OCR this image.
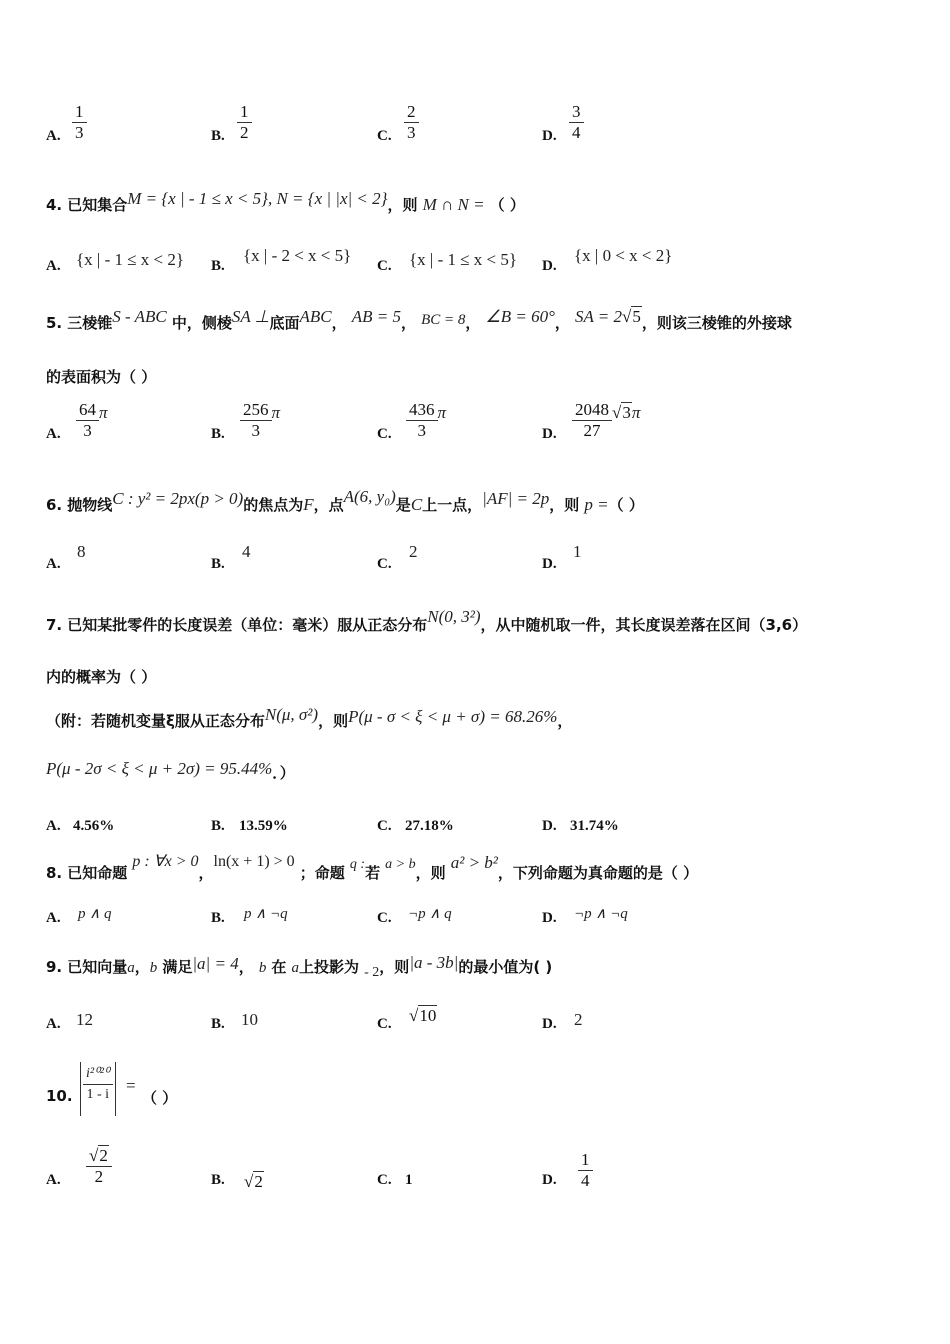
A.
1
3	B.
1
2	C.
2
3	D.
3
4
4. 已知集合M = {x | - 1 ≤ x < 5}, N = {x | |x| < 2}，则 M ∩ N = （ ）
A. {x | - 1 ≤ x < 2} B.
{x | - 2 < x < 5}
C. {x | - 1 ≤ x < 5} D.
{x | 0 < x < 2}
5. 三棱锥S - ABC 中，侧棱SA ⊥底面ABC， AB = 5， BC = 8， ∠B = 60°， SA = 2√5，则该三棱锥的外接球
的表面积为（ ）
A. $\frac{64}{3}$ π
B. $\frac{256}{3}$ π
C. $\frac{436}{3}$ π
D. $\frac{2048}{27} √3\pi$
6. 抛物线C : y² = 2px(p > 0)的焦点为F，点A(6, y₀)是C上一点，|AF| = 2p，则 p =（ ）
A.
8
B.
4
C.
2
D.
1
7. 已知某批零件的长度误差（单位：毫米）服从正态分布N(0, 3²)，从中随机取一件，其长度误差落在区间（3,6）
内的概率为（ ）
（附：若随机变量ξ服从正态分布N(μ, σ²)，则P(μ - σ < ξ < μ + σ) = 68.26%，
P(μ - 2σ < ξ < μ + 2σ) = 95.44%．）
A. 4.56%	B. 13.59%	C. 27.18%	D. 31.74%
8. 已知命题 p : ∀x > 0，ln(x + 1) > 0 ；命题 q :若 a > b，则 a² > b²，下列命题为真命题的是（ ）
A. p ∧ q	B. p ∧ ¬q	C. ¬p ∧ q	D. ¬p ∧ ¬q
9. 已知向量a，b 满足|a| = 4， b 在 a上投影为 - 2，则|a - 3b|的最小值为( )
A. 12	B. 10	C. √10	D. 2
10. $\frac{\text{i²⁰²⁰}}{1 - i}$ =
（ ）
A.
√2
2	B. √2	C. 1	D.
1
4
